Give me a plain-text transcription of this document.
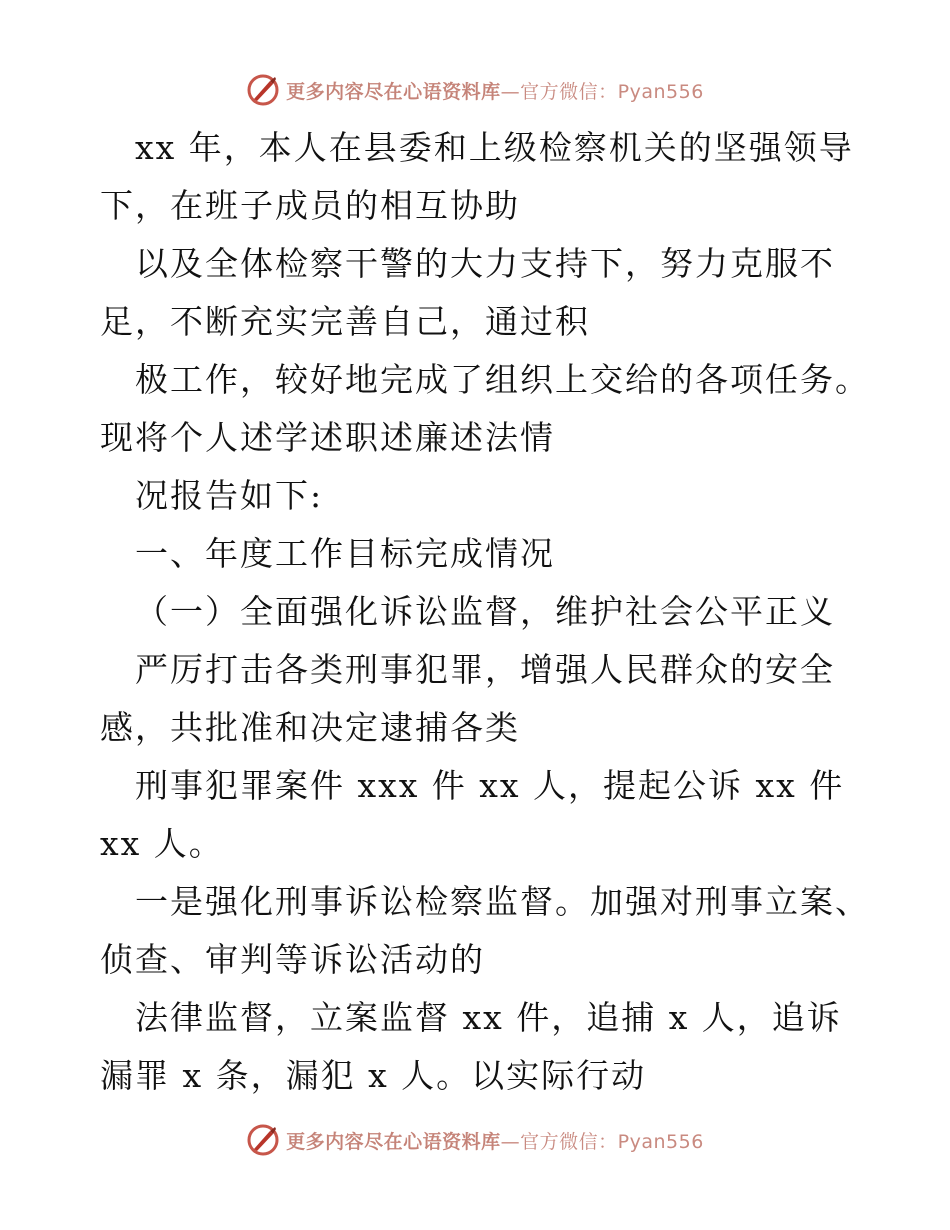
更多内容尽在心语资料库—官方微信：Pyan556
xx 年，本人在县委和上级检察机关的坚强领导
下，在班子成员的相互协助
以及全体检察干警的大力支持下，努力克服不
足，不断充实完善自己，通过积
极工作，较好地完成了组织上交给的各项任务。
现将个人述学述职述廉述法情
况报告如下:
一、年度工作目标完成情况
（一）全面强化诉讼监督，维护社会公平正义
严厉打击各类刑事犯罪，增强人民群众的安全
感，共批准和决定逮捕各类
刑事犯罪案件 xxx 件 xx 人，提起公诉 xx 件
xx 人。
一是强化刑事诉讼检察监督。加强对刑事立案、
侦查、审判等诉讼活动的
法律监督，立案监督 xx 件，追捕 x 人，追诉
漏罪 x 条，漏犯 x 人。以实际行动
更多内容尽在心语资料库—官方微信：Pyan556
